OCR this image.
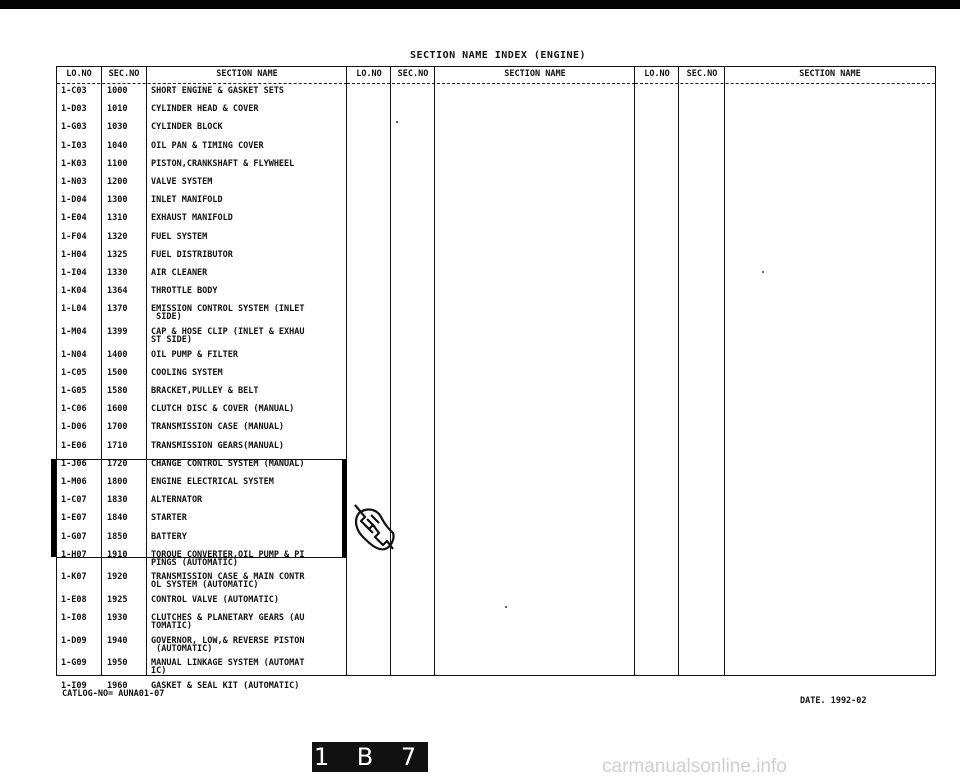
SECTION NAME INDEX (ENGINE)
LO.NO	SEC.NO	SECTION NAME	LO.NO	SEC.NO	SECTION NAME	LO.NO	SEC.NO	SECTION NAME
1-C03 1000	SHORT ENGINE & GASKET SETS
1-D03 1010	CYLINDER HEAD & COVER
1-G03 1030	CYLINDER BLOCK
1-I03 1040	OIL PAN & TIMING COVER
1-K03 1100	PISTON,CRANKSHAFT & FLYWHEEL
1-N03 1200	VALVE SYSTEM
1-D04 1300	INLET MANIFOLD
1-E04 1310	EXHAUST MANIFOLD
1-F04 1320	FUEL SYSTEM
1-H04 1325	FUEL DISTRIBUTOR
1-I04 1330	AIR CLEANER
1-K04 1364	THROTTLE BODY
1-L04 1370	EMISSION CONTROL SYSTEM (INLET
SIDE)
1-M04 1399	CAP & HOSE CLIP (INLET & EXHAU
ST SIDE)
1-N04 1400	OIL PUMP & FILTER
1-C05 1500	COOLING SYSTEM
1-G05 1580	BRACKET,PULLEY & BELT
1-C06 1600	CLUTCH DISC & COVER (MANUAL)
1-D06 1700	TRANSMISSION CASE (MANUAL)
1-E06 1710	TRANSMISSION GEARS(MANUAL)
1-J06 1720	CHANGE CONTROL SYSTEM (MANUAL)
1-M06 1800	ENGINE ELECTRICAL SYSTEM
1-C07 1830	ALTERNATOR
1-E07 1840	STARTER
1-G07 1850	BATTERY
1-H07 1910	TORQUE CONVERTER,OIL PUMP & PI
PINGS (AUTOMATIC)
1-K07 1920	TRANSMISSION CASE & MAIN CONTR
OL SYSTEM (AUTOMATIC)
1-E08 1925	CONTROL VALVE (AUTOMATIC)
1-I08 1930	CLUTCHES & PLANETARY GEARS (AU
TOMATIC)
1-D09 1940	GOVERNOR, LOW,& REVERSE PISTON
(AUTOMATIC)
1-G09 1950	MANUAL LINKAGE SYSTEM (AUTOMAT
IC)
1-I09 1960	GASKET & SEAL KIT (AUTOMATIC)
CATLOG-NO= AUNA01-07
DATE. 1992-02
1 B 7	carmanualsonline.info
